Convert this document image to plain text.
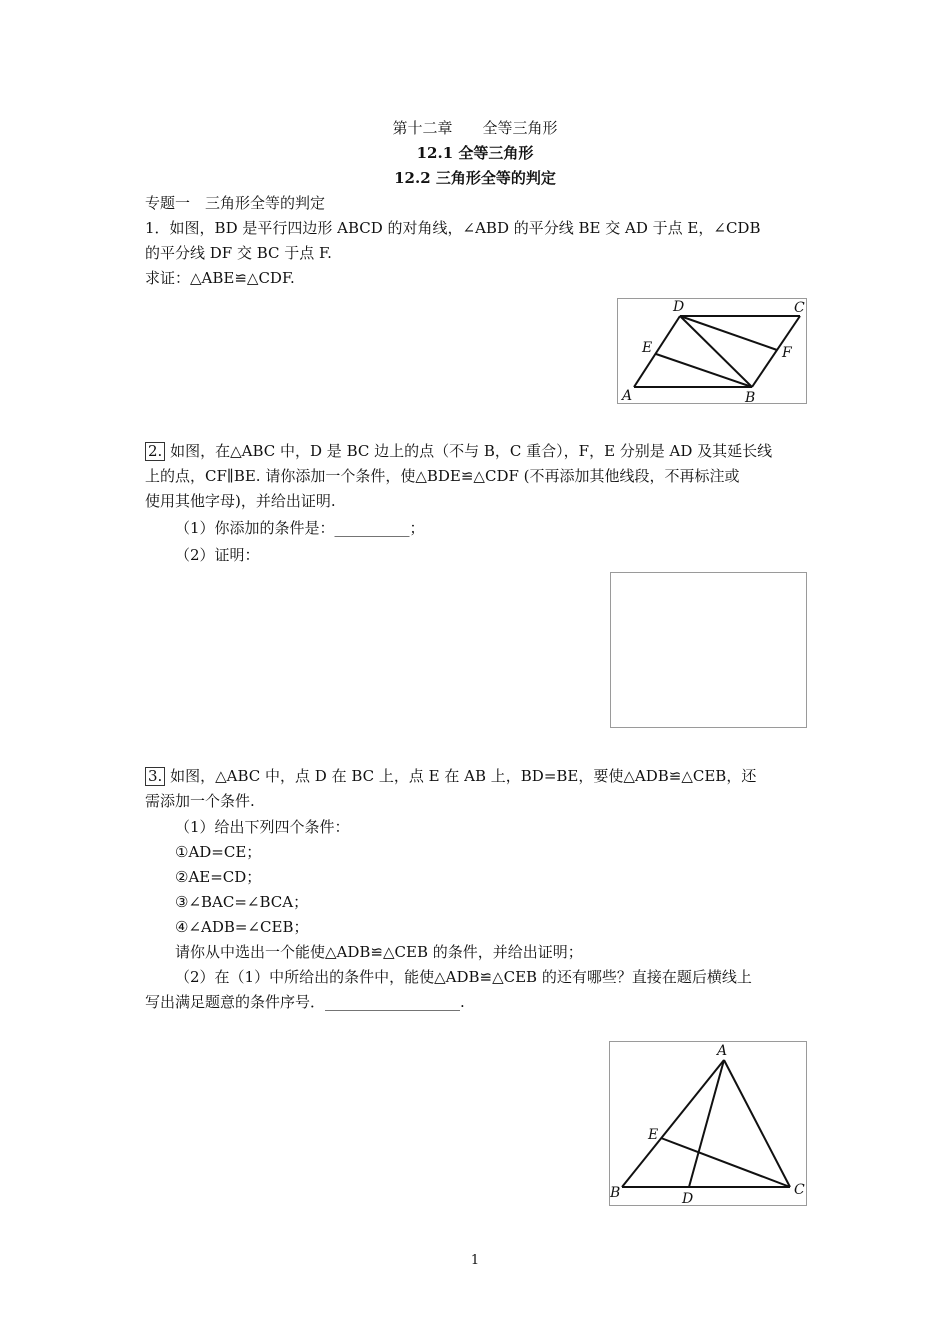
第十二章　　全等三角形
12.1 全等三角形
12.2 三角形全等的判定
专题一　三角形全等的判定
1．如图，BD 是平行四边形 ABCD 的对角线，∠ABD 的平分线 BE 交 AD 于点 E，∠CDB
的平分线 DF 交 BC 于点 F.
求证：△ABE≌△CDF.
A	B
C
D
E	F
2. 如图，在△ABC 中，D 是 BC 边上的点（不与 B，C 重合），F，E 分别是 AD 及其延长线
上的点，CF∥BE. 请你添加一个条件，使△BDE≌△CDF (不再添加其他线段，不再标注或
使用其他字母)，并给出证明.
（1）你添加的条件是：__________；
（2）证明：
3. 如图，△ABC 中，点 D 在 BC 上，点 E 在 AB 上，BD=BE，要使△ADB≌△CEB，还
需添加一个条件.
（1）给出下列四个条件：
①AD=CE；
②AE=CD；
③∠BAC=∠BCA；
④∠ADB=∠CEB；
请你从中选出一个能使△ADB≌△CEB 的条件，并给出证明；
（2）在（1）中所给出的条件中，能使△ADB≌△CEB 的还有哪些？直接在题后横线上
写出满足题意的条件序号．__________________.
A
B	C
D
E
1
